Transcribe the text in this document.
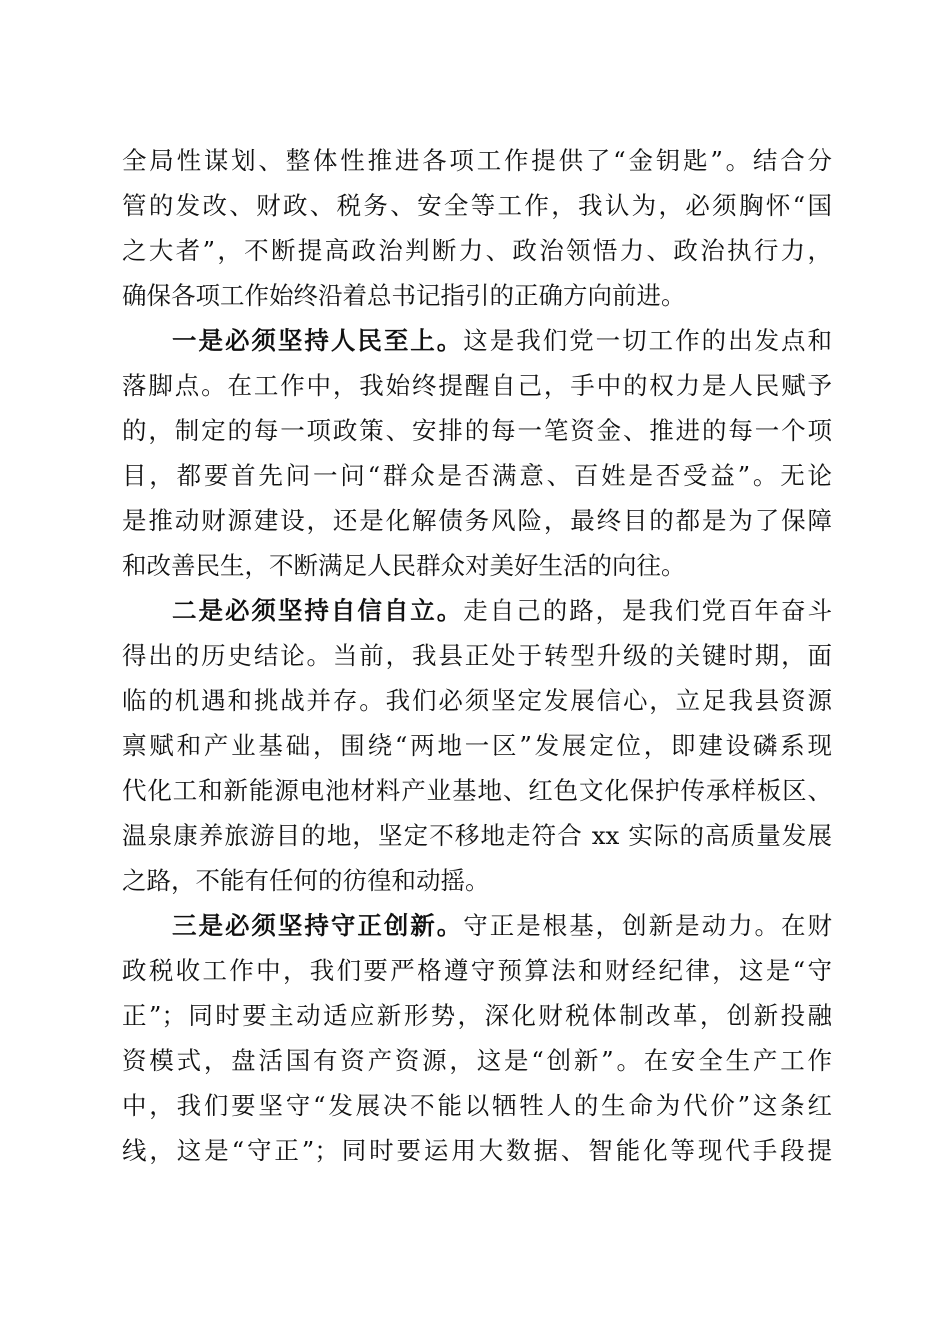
全局性谋划、整体性推进各项工作提供了“金钥匙”。结合分
管的发改、财政、税务、安全等工作，我认为，必须胸怀“国
之大者”，不断提高政治判断力、政治领悟力、政治执行力，
确保各项工作始终沿着总书记指引的正确方向前进。
一是必须坚持人民至上。这是我们党一切工作的出发点和
落脚点。在工作中，我始终提醒自己，手中的权力是人民赋予
的，制定的每一项政策、安排的每一笔资金、推进的每一个项
目，都要首先问一问“群众是否满意、百姓是否受益”。无论
是推动财源建设，还是化解债务风险，最终目的都是为了保障
和改善民生，不断满足人民群众对美好生活的向往。
二是必须坚持自信自立。走自己的路，是我们党百年奋斗
得出的历史结论。当前，我县正处于转型升级的关键时期，面
临的机遇和挑战并存。我们必须坚定发展信心，立足我县资源
禀赋和产业基础，围绕“两地一区”发展定位，即建设磷系现
代化工和新能源电池材料产业基地、红色文化保护传承样板区、
温泉康养旅游目的地，坚定不移地走符合 xx 实际的高质量发展
之路，不能有任何的彷徨和动摇。
三是必须坚持守正创新。守正是根基，创新是动力。在财
政税收工作中，我们要严格遵守预算法和财经纪律，这是“守
正”；同时要主动适应新形势，深化财税体制改革，创新投融
资模式，盘活国有资产资源，这是“创新”。在安全生产工作
中，我们要坚守“发展决不能以牺牲人的生命为代价”这条红
线，这是“守正”；同时要运用大数据、智能化等现代手段提
